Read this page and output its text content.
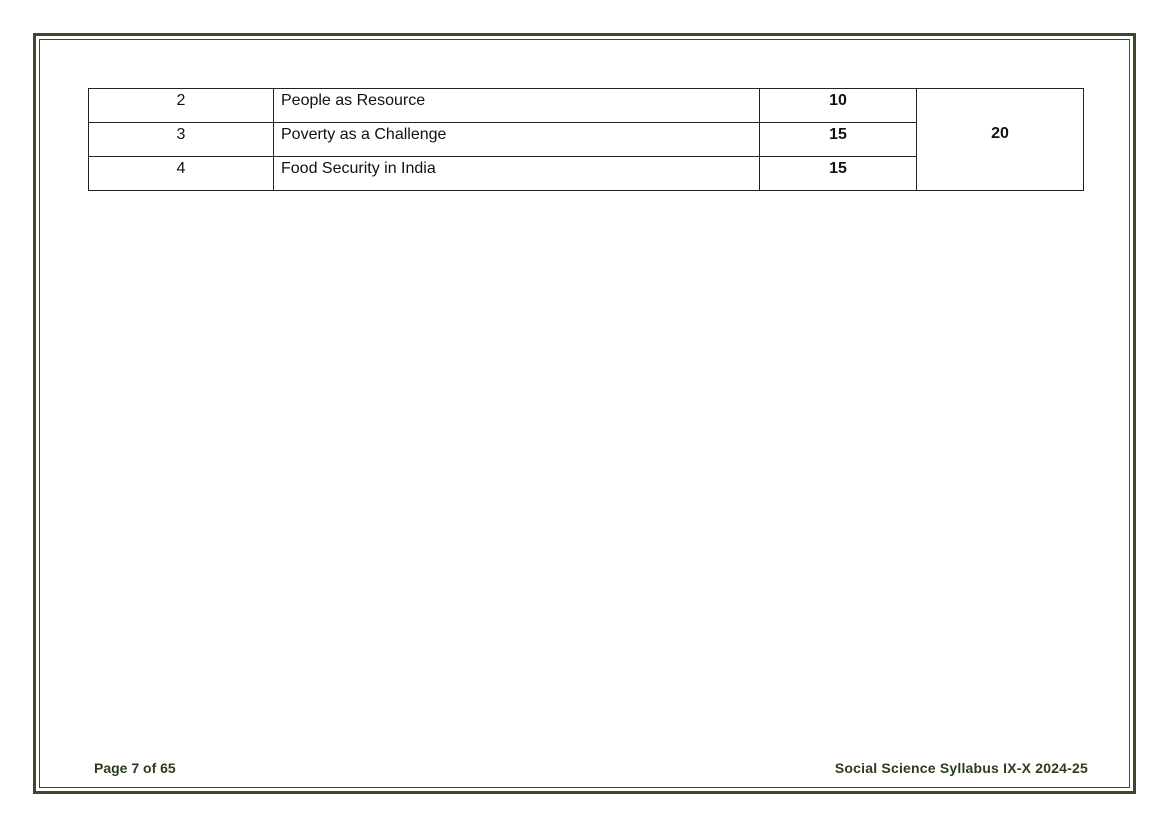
2	People as Resource	10	20
3	Poverty as a Challenge	15	
4	Food Security in India	15	
Page 7 of 65	Social Science Syllabus IX-X 2024-25
